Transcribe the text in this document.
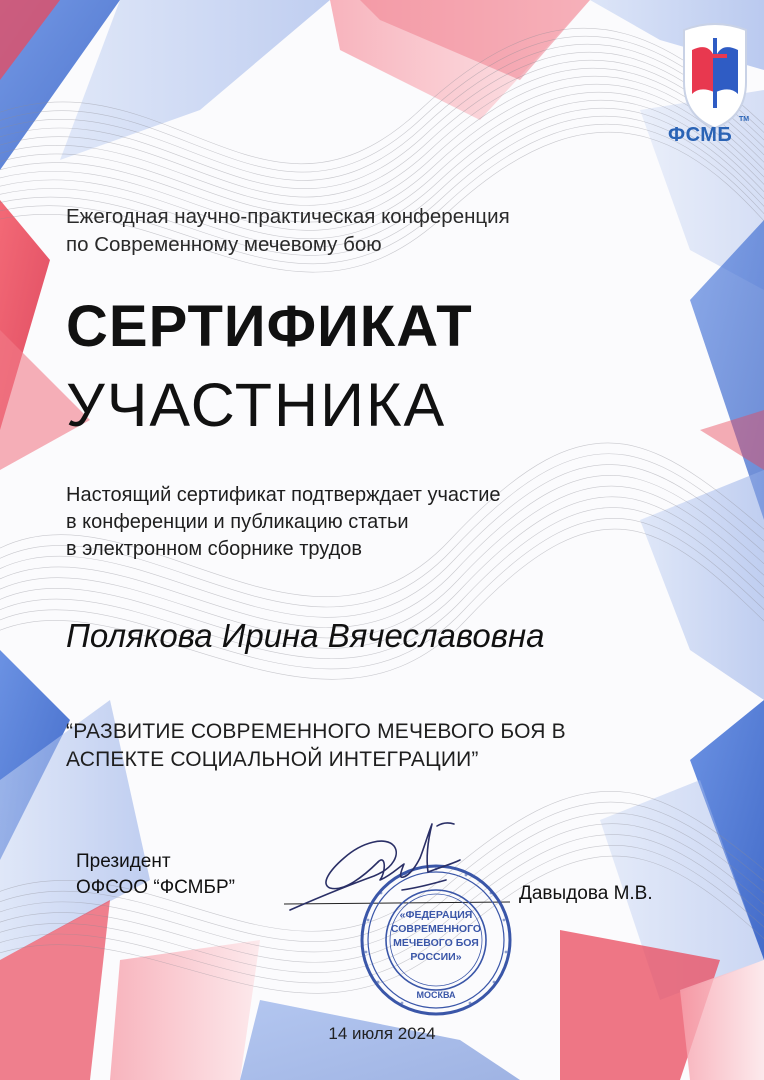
ФСМБ
TM
Ежегодная научно-практическая конференция
по Современному мечевому бою
СЕРТИФИКАТ
УЧАСТНИКА
Настоящий сертификат подтверждает участие
в конференции и публикацию статьи
в электронном сборнике трудов
Полякова Ирина Вячеславовна
“РАЗВИТИЕ СОВРЕМЕННОГО МЕЧЕВОГО БОЯ В
АСПЕКТЕ СОЦИАЛЬНОЙ ИНТЕГРАЦИИ”
Президент
ОФСОО “ФСМБР”
«ФЕДЕРАЦИЯ
СОВРЕМЕННОГО
МЕЧЕВОГО БОЯ
РОССИИ»
МОСКВА
Давыдова М.В.
14 июля 2024
